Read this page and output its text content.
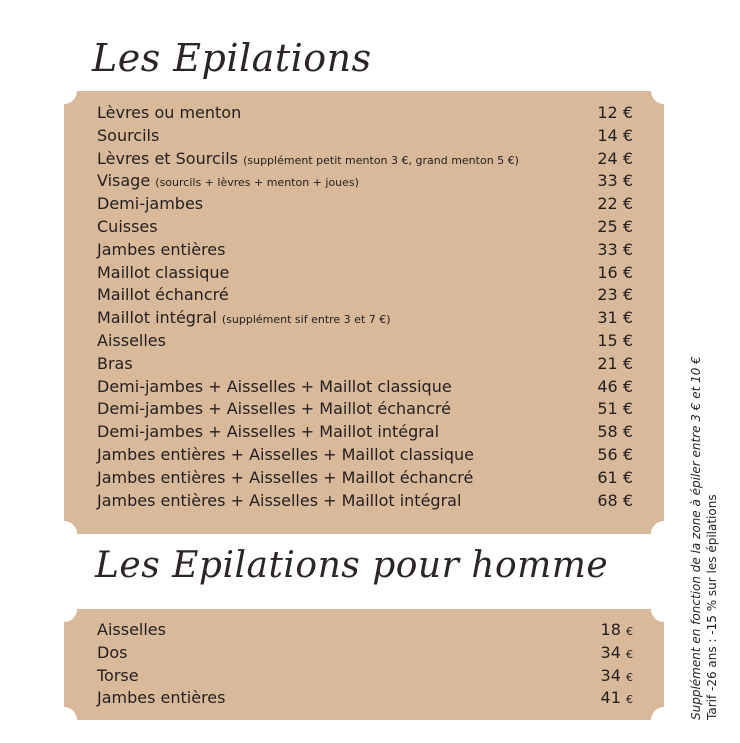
Les Epilations
Lèvres ou menton	12 €
Sourcils	14 €
Lèvres et Sourcils (supplément petit menton 3 €, grand menton 5 €)	24 €
Visage (sourcils + lèvres + menton + joues)	33 €
Demi-jambes	22 €
Cuisses	25 €
Jambes entières	33 €
Maillot classique	16 €
Maillot échancré	23 €
Maillot intégral (supplément sif entre 3 et 7 €)	31 €
Aisselles	15 €
Bras	21 €
Demi-jambes + Aisselles + Maillot classique	46 €
Demi-jambes + Aisselles + Maillot échancré	51 €
Demi-jambes + Aisselles + Maillot intégral	58 €
Jambes entières + Aisselles + Maillot classique	56 €
Jambes entières + Aisselles + Maillot échancré	61 €
Jambes entières + Aisselles + Maillot intégral	68 €
Les Epilations pour homme
Aisselles	18 €
Dos	34 €
Torse	34 €
Jambes entières	41 €	Supplément en fonction de la zone à épiler entre 3 € et 10 € Tarif -26 ans : -15 % sur les épilations
